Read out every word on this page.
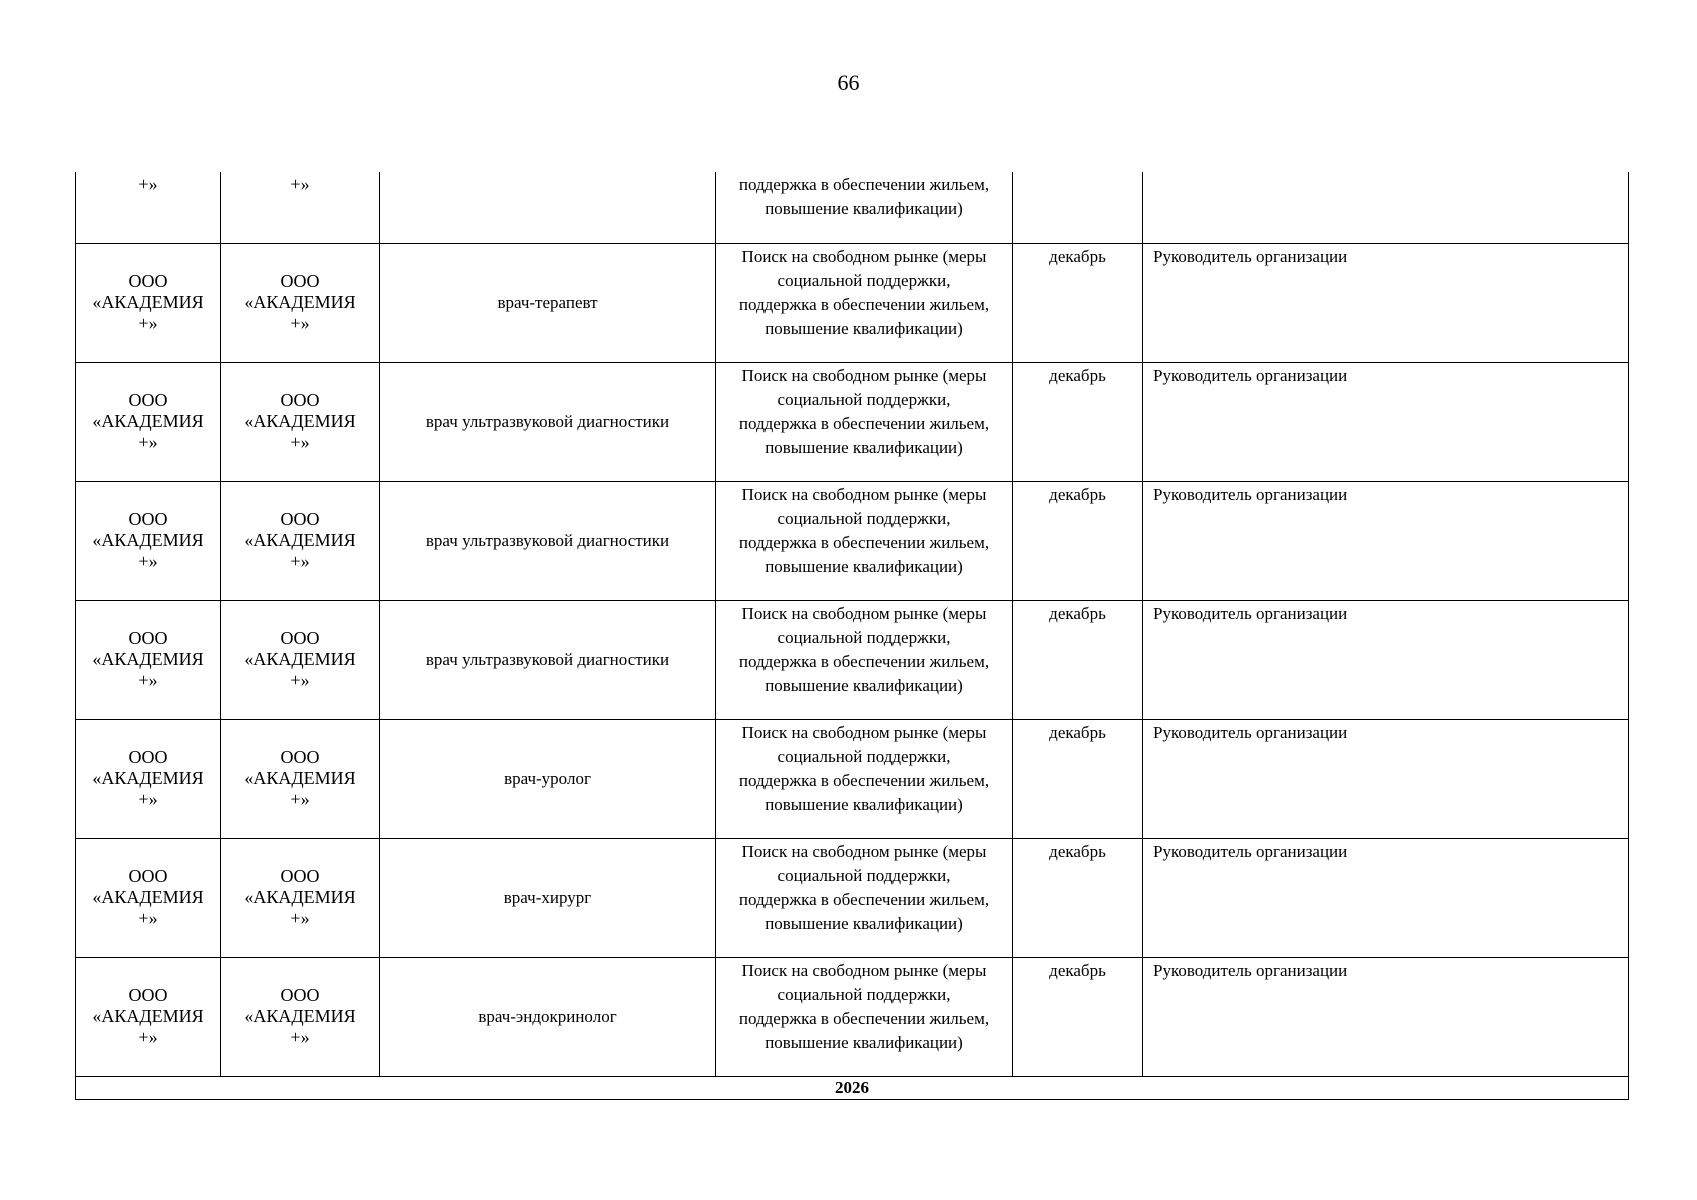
66
+»	+»		поддержка в обеспечении жильем,
повышение квалификации)		

ООО
«АКАДЕМИЯ
+»	ООО
«АКАДЕМИЯ
+»	врач-терапевт	Поиск на свободном рынке (меры
социальной поддержки,
поддержка в обеспечении жильем,
повышение квалификации)	декабрь	Руководитель организации

ООО
«АКАДЕМИЯ
+»	ООО
«АКАДЕМИЯ
+»	врач ультразвуковой диагностики	Поиск на свободном рынке (меры
социальной поддержки,
поддержка в обеспечении жильем,
повышение квалификации)	декабрь	Руководитель организации

ООО
«АКАДЕМИЯ
+»	ООО
«АКАДЕМИЯ
+»	врач ультразвуковой диагностики	Поиск на свободном рынке (меры
социальной поддержки,
поддержка в обеспечении жильем,
повышение квалификации)	декабрь	Руководитель организации

ООО
«АКАДЕМИЯ
+»	ООО
«АКАДЕМИЯ
+»	врач ультразвуковой диагностики	Поиск на свободном рынке (меры
социальной поддержки,
поддержка в обеспечении жильем,
повышение квалификации)	декабрь	Руководитель организации

ООО
«АКАДЕМИЯ
+»	ООО
«АКАДЕМИЯ
+»	врач-уролог	Поиск на свободном рынке (меры
социальной поддержки,
поддержка в обеспечении жильем,
повышение квалификации)	декабрь	Руководитель организации

ООО
«АКАДЕМИЯ
+»	ООО
«АКАДЕМИЯ
+»	врач-хирург	Поиск на свободном рынке (меры
социальной поддержки,
поддержка в обеспечении жильем,
повышение квалификации)	декабрь	Руководитель организации

ООО
«АКАДЕМИЯ
+»	ООО
«АКАДЕМИЯ
+»	врач-эндокринолог	Поиск на свободном рынке (меры
социальной поддержки,
поддержка в обеспечении жильем,
повышение квалификации)	декабрь	Руководитель организации
2026					
